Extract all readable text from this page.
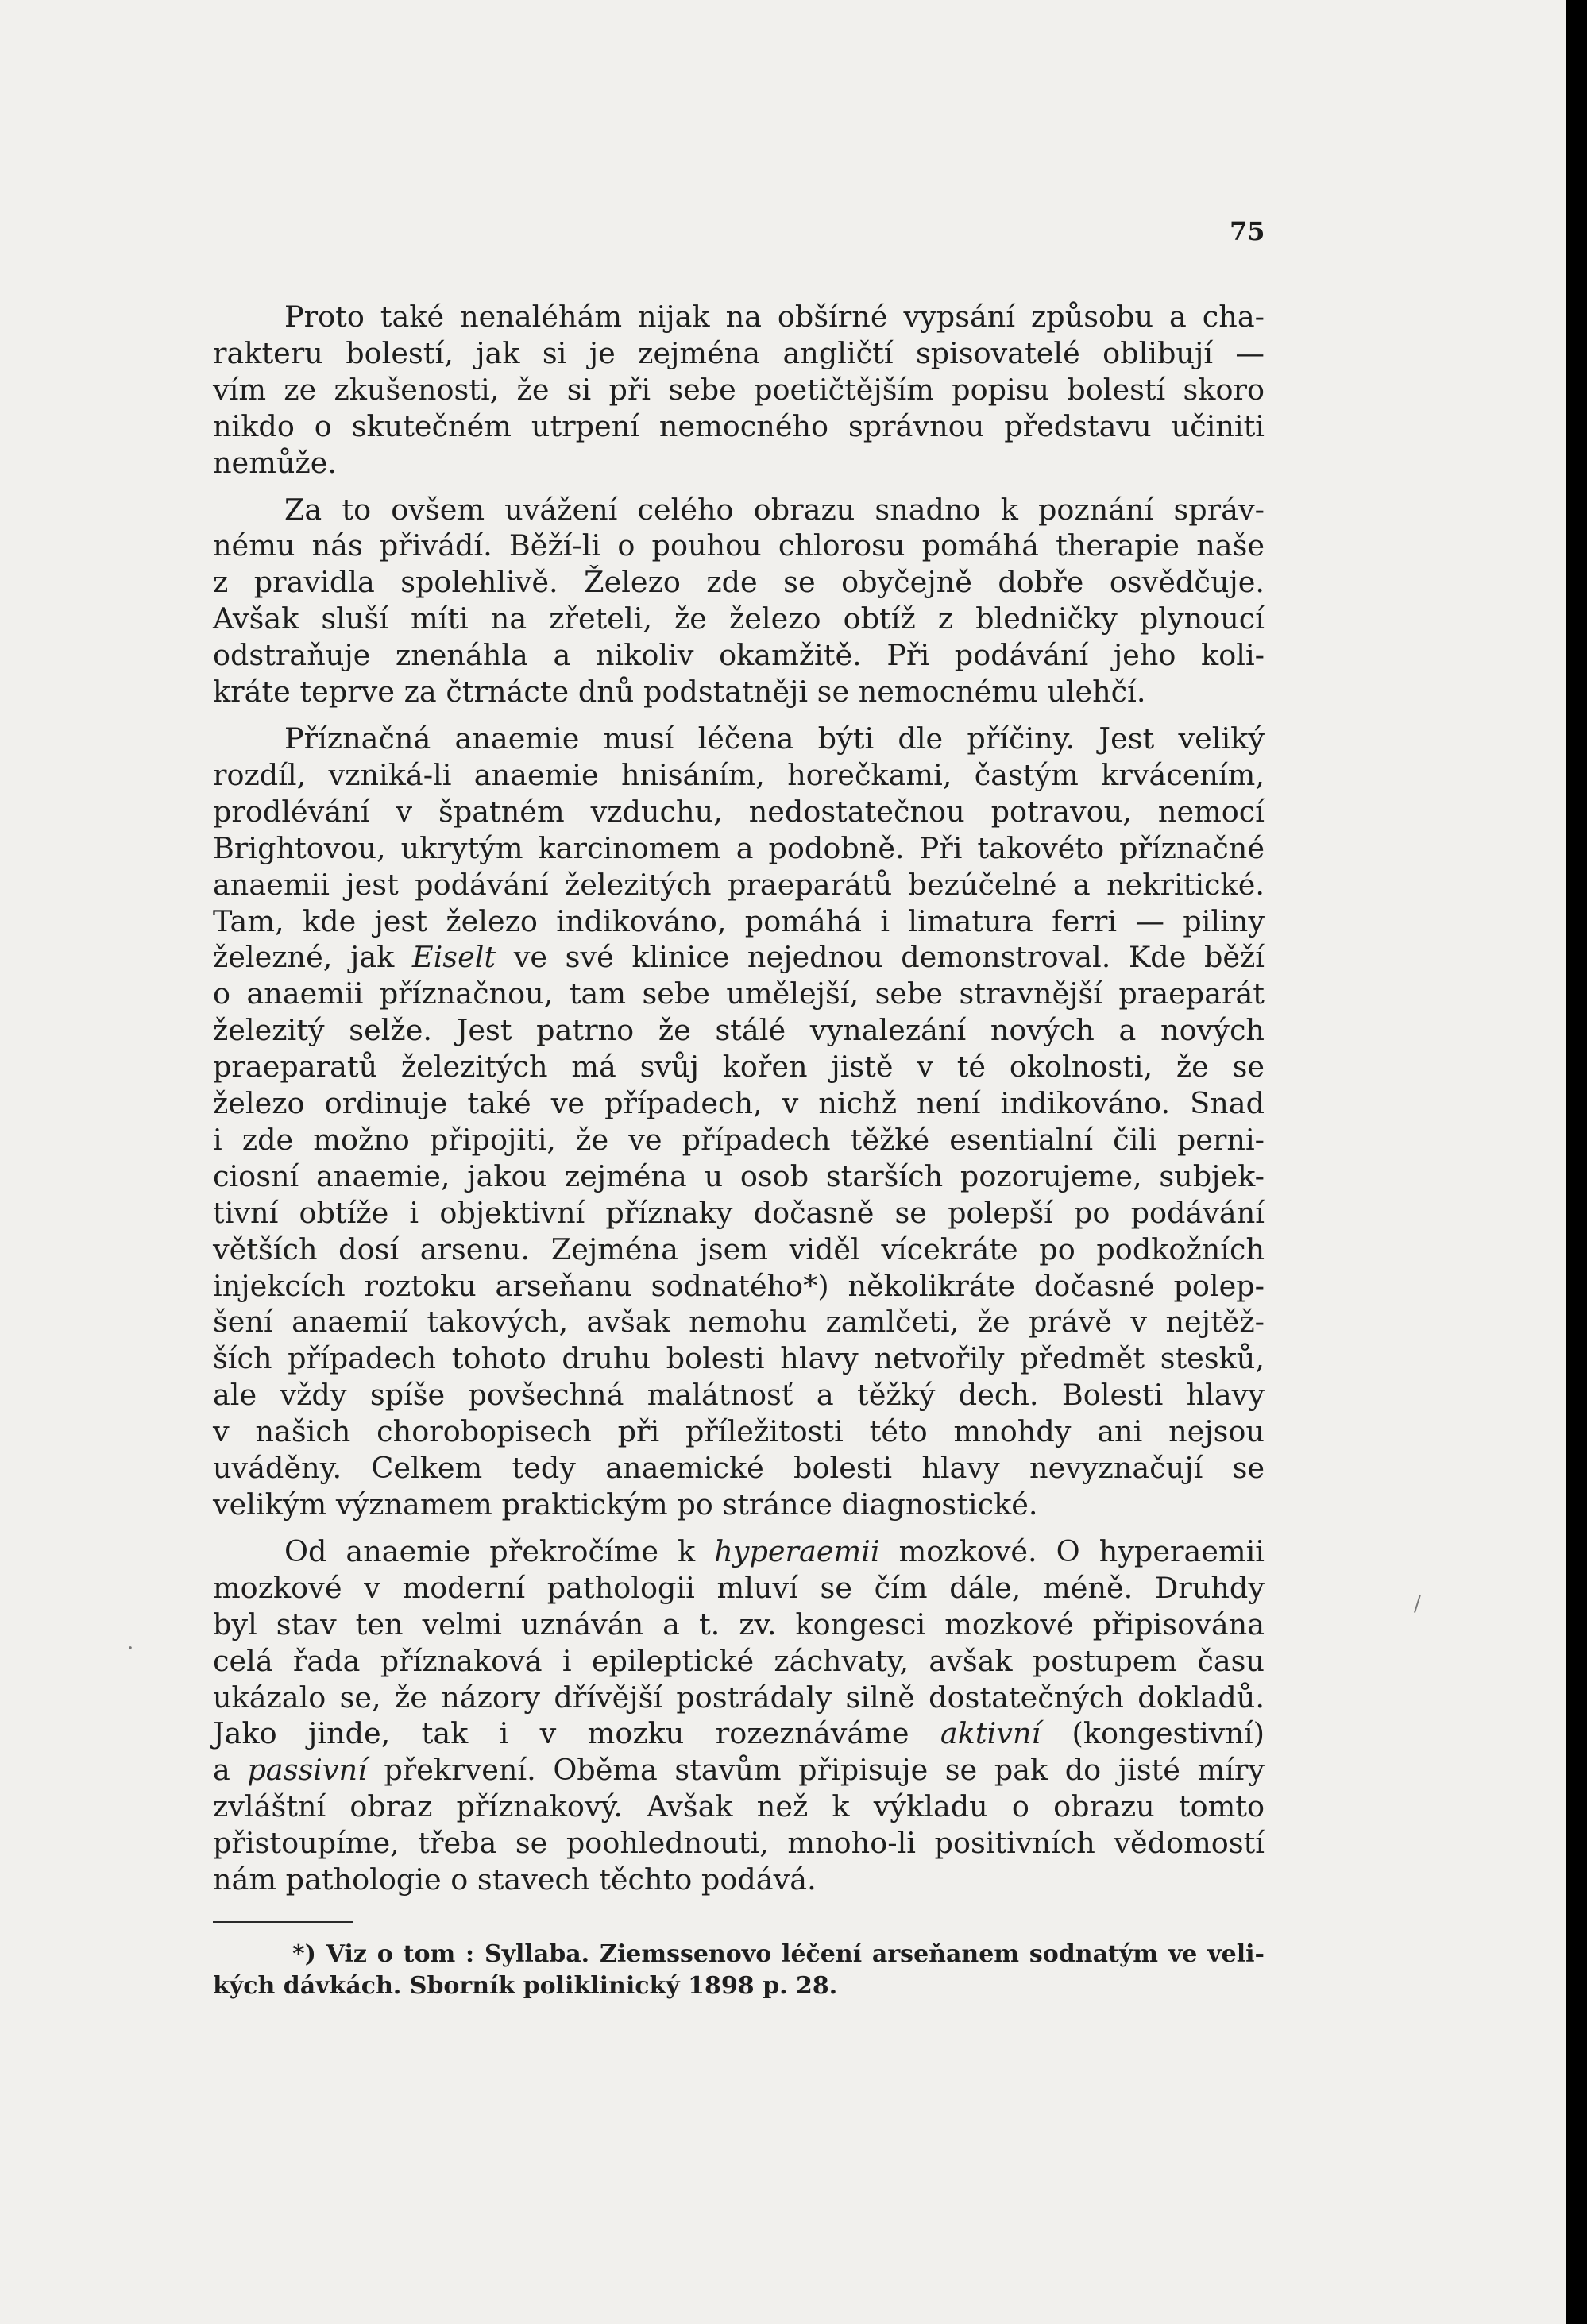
75
Proto také nenaléhám nijak na obšírné vypsání způsobu a cha-
rakteru bolestí, jak si je zejména angličtí spisovatelé oblibují —
vím ze zkušenosti, že si při sebe poetičtějším popisu bolestí skoro
nikdo o skutečném utrpení nemocného správnou představu učiniti
nemůže.
Za to ovšem uvážení celého obrazu snadno k poznání správ-
nému nás přivádí. Běží-li o pouhou chlorosu pomáhá therapie naše
z pravidla spolehlivě. Železo zde se obyčejně dobře osvědčuje.
Avšak sluší míti na zřeteli, že železo obtíž z bledničky plynoucí
odstraňuje znenáhla a nikoliv okamžitě. Při podávání jeho koli-
kráte teprve za čtrnácte dnů podstatněji se nemocnému ulehčí.
Příznačná anaemie musí léčena býti dle příčiny. Jest veliký
rozdíl, vzniká-li anaemie hnisáním, horečkami, častým krvácením,
prodlévání v špatném vzduchu, nedostatečnou potravou, nemocí
Brightovou, ukrytým karcinomem a podobně. Při takovéto příznačné
anaemii jest podávání železitých praeparátů bezúčelné a nekritické.
Tam, kde jest železo indikováno, pomáhá i limatura ferri — piliny
železné, jak Eiselt ve své klinice nejednou demonstroval. Kde běží
o anaemii příznačnou, tam sebe umělejší, sebe stravnější praeparát
železitý selže. Jest patrno že stálé vynalezání nových a nových
praeparatů železitých má svůj kořen jistě v té okolnosti, že se
železo ordinuje také ve případech, v nichž není indikováno. Snad
i zde možno připojiti, že ve případech těžké esentialní čili perni-
ciosní anaemie, jakou zejména u osob starších pozorujeme, subjek-
tivní obtíže i objektivní příznaky dočasně se polepší po podávání
větších dosí arsenu. Zejména jsem viděl vícekráte po podkožních
injekcích roztoku arseňanu sodnatého*) několikráte dočasné polep-
šení anaemií takových, avšak nemohu zamlčeti, že právě v nejtěž-
ších případech tohoto druhu bolesti hlavy netvořily předmět stesků,
ale vždy spíše povšechná malátnosť a těžký dech. Bolesti hlavy
v našich chorobopisech při příležitosti této mnohdy ani nejsou
uváděny. Celkem tedy anaemické bolesti hlavy nevyznačují se
velikým významem praktickým po stránce diagnostické.
Od anaemie překročíme k hyperaemii mozkové. O hyperaemii
mozkové v moderní pathologii mluví se čím dále, méně. Druhdy
byl stav ten velmi uznáván a t. zv. kongesci mozkové připisována
celá řada příznaková i epileptické záchvaty, avšak postupem času
ukázalo se, že názory dřívější postrádaly silně dostatečných dokladů.
Jako jinde, tak i v mozku rozeznáváme aktivní (kongestivní)
a passivní překrvení. Oběma stavům připisuje se pak do jisté míry
zvláštní obraz příznakový. Avšak než k výkladu o obrazu tomto
přistoupíme, třeba se poohlednouti, mnoho-li positivních vědomostí
nám pathologie o stavech těchto podává.
*) Viz o tom : Syllaba. Ziemssenovo léčení arseňanem sodnatým ve veli-
kých dávkách. Sborník poliklinický 1898 p. 28.
/
·
